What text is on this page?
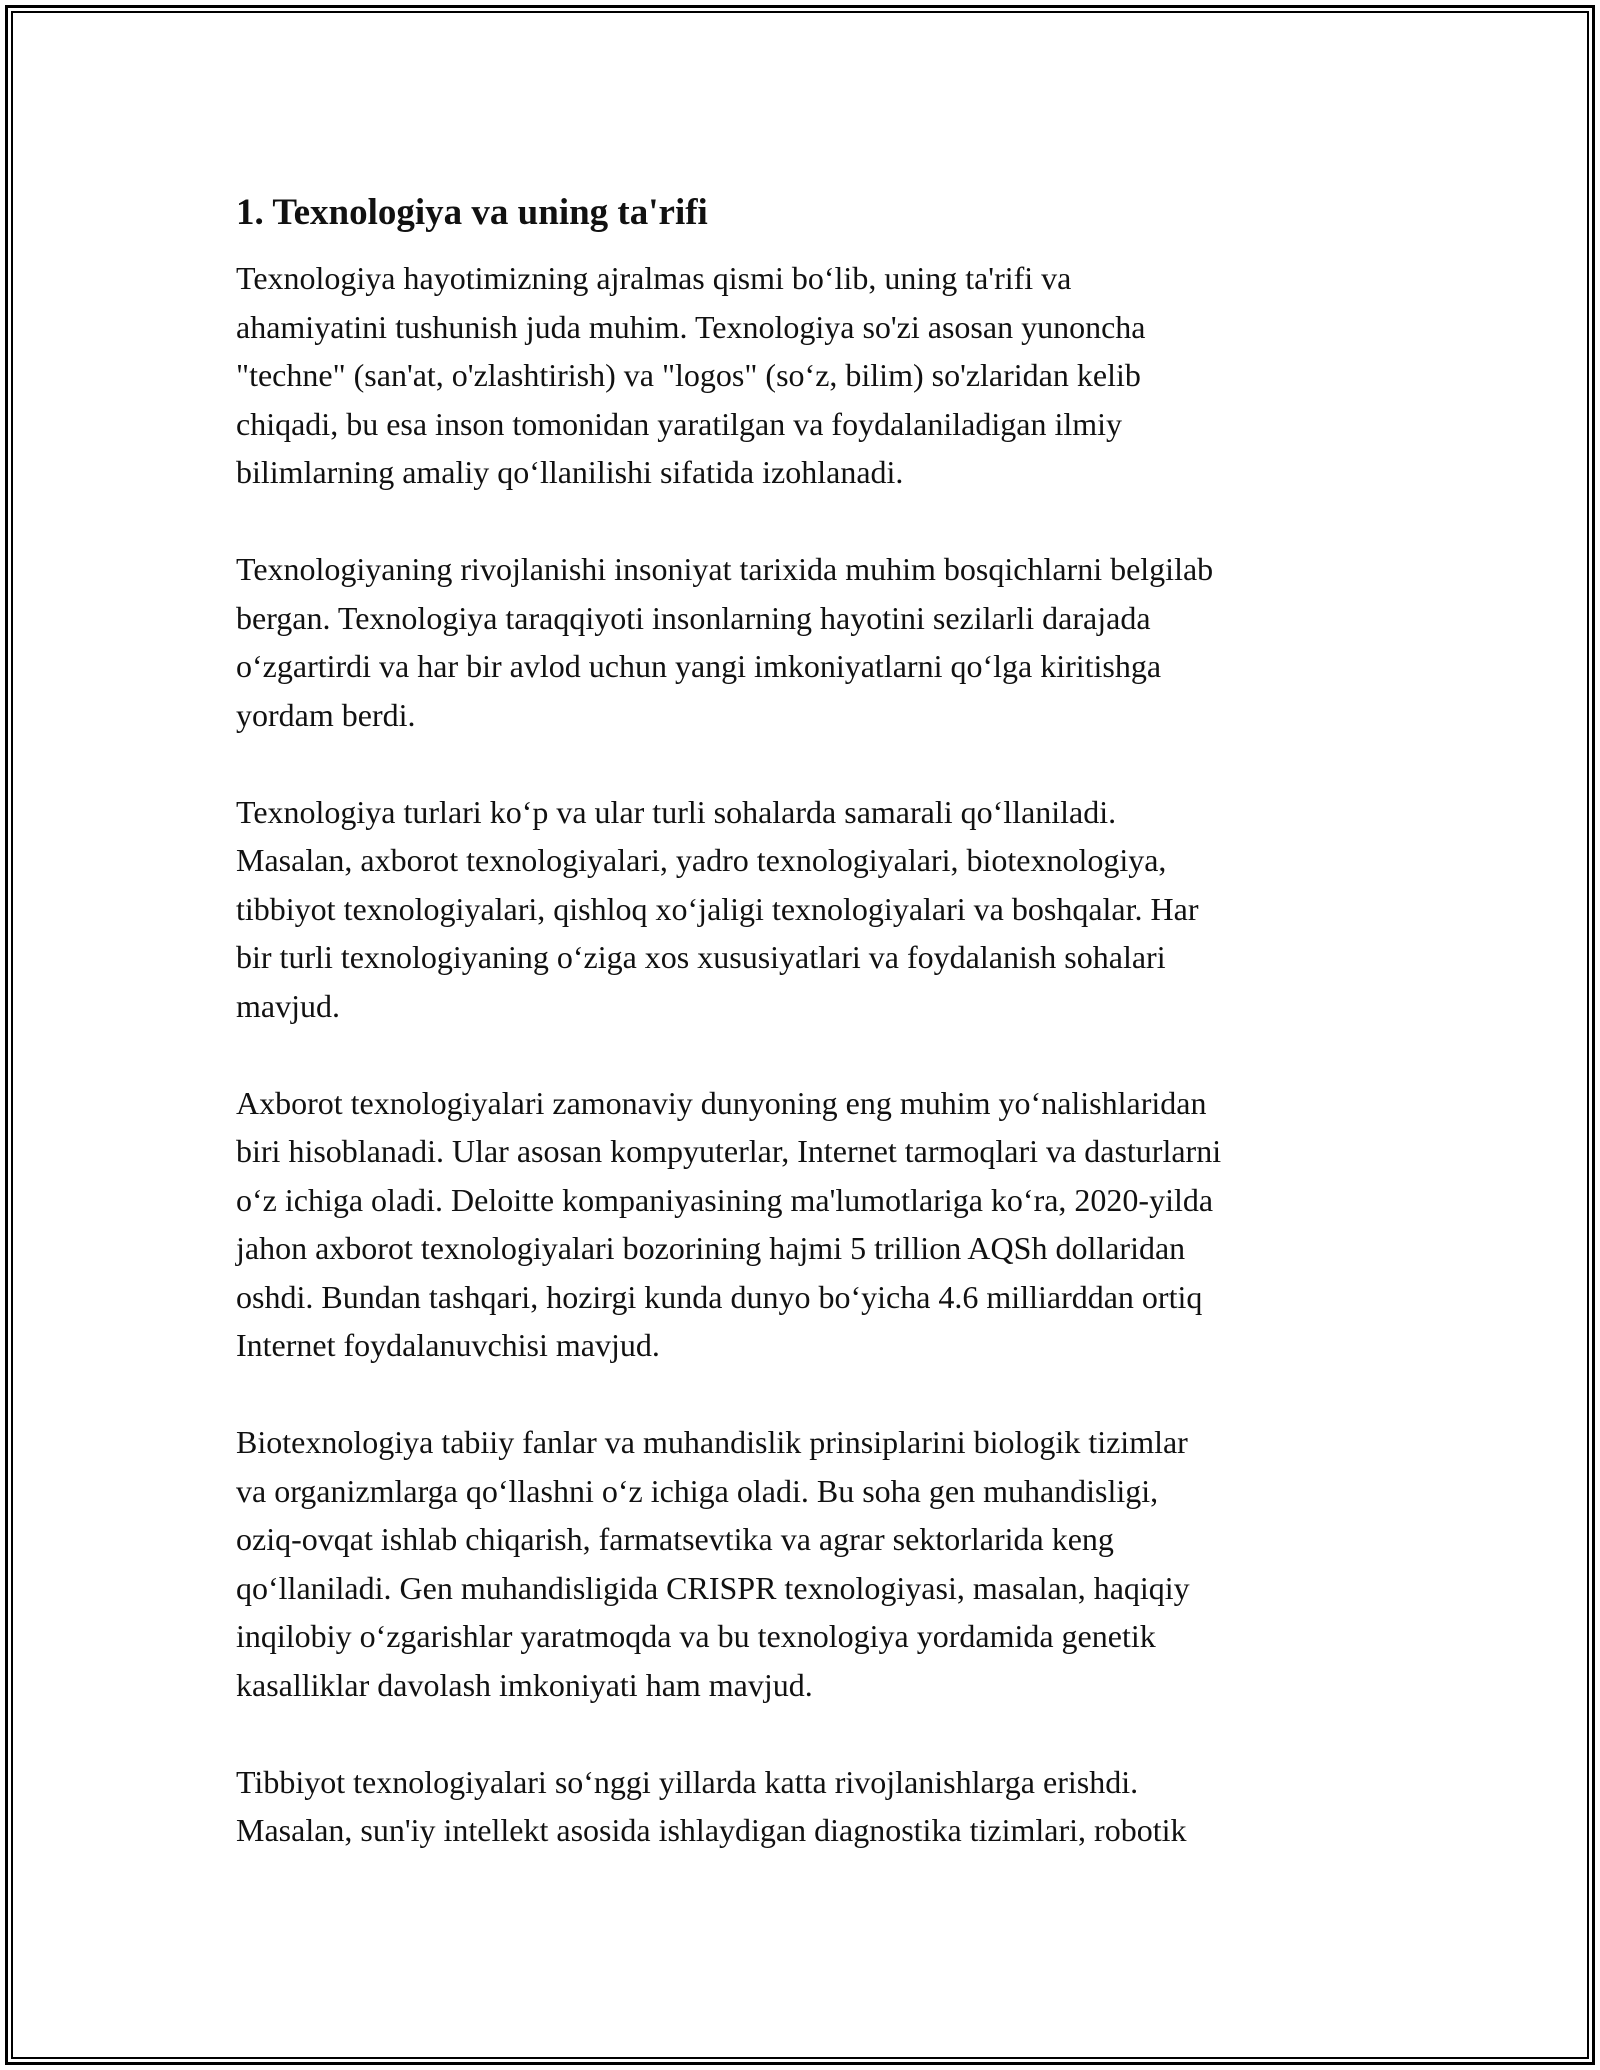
1. Texnologiya va uning ta'rifi

Texnologiya hayotimizning ajralmas qismi bo‘lib, uning ta'rifi va
ahamiyatini tushunish juda muhim. Texnologiya so'zi asosan yunoncha
"techne" (san'at, o'zlashtirish) va "logos" (so‘z, bilim) so'zlaridan kelib
chiqadi, bu esa inson tomonidan yaratilgan va foydalaniladigan ilmiy
bilimlarning amaliy qo‘llanilishi sifatida izohlanadi.

Texnologiyaning rivojlanishi insoniyat tarixida muhim bosqichlarni belgilab
bergan. Texnologiya taraqqiyoti insonlarning hayotini sezilarli darajada
o‘zgartirdi va har bir avlod uchun yangi imkoniyatlarni qo‘lga kiritishga
yordam berdi.

Texnologiya turlari ko‘p va ular turli sohalarda samarali qo‘llaniladi.
Masalan, axborot texnologiyalari, yadro texnologiyalari, biotexnologiya,
tibbiyot texnologiyalari, qishloq xo‘jaligi texnologiyalari va boshqalar. Har
bir turli texnologiyaning o‘ziga xos xususiyatlari va foydalanish sohalari
mavjud.

Axborot texnologiyalari zamonaviy dunyoning eng muhim yo‘nalishlaridan
biri hisoblanadi. Ular asosan kompyuterlar, Internet tarmoqlari va dasturlarni
o‘z ichiga oladi. Deloitte kompaniyasining ma'lumotlariga ko‘ra, 2020-yilda
jahon axborot texnologiyalari bozorining hajmi 5 trillion AQSh dollaridan
oshdi. Bundan tashqari, hozirgi kunda dunyo bo‘yicha 4.6 milliarddan ortiq
Internet foydalanuvchisi mavjud.

Biotexnologiya tabiiy fanlar va muhandislik prinsiplarini biologik tizimlar
va organizmlarga qo‘llashni o‘z ichiga oladi. Bu soha gen muhandisligi,
oziq-ovqat ishlab chiqarish, farmatsevtika va agrar sektorlarida keng
qo‘llaniladi. Gen muhandisligida CRISPR texnologiyasi, masalan, haqiqiy
inqilobiy o‘zgarishlar yaratmoqda va bu texnologiya yordamida genetik
kasalliklar davolash imkoniyati ham mavjud.

Tibbiyot texnologiyalari so‘nggi yillarda katta rivojlanishlarga erishdi.
Masalan, sun'iy intellekt asosida ishlaydigan diagnostika tizimlari, robotik
